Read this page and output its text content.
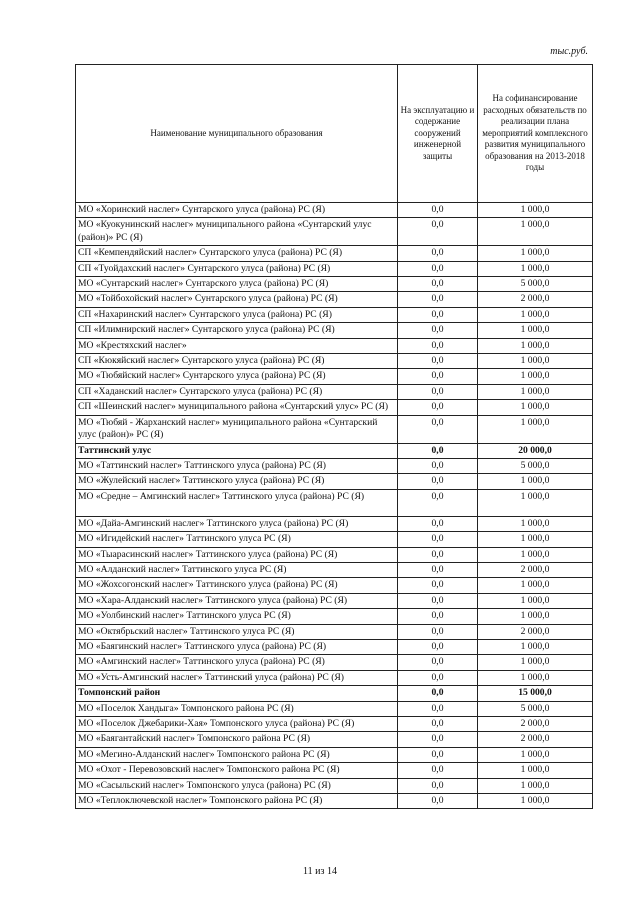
тыс.руб.
Наименование муниципального образования	На эксплуатацию и содержание сооружений инженерной защиты	На софинансирование расходных обязательств по реализации плана мероприятий комплексного развития муниципального образования на 2013-2018 годы
МО «Хоринский наслег» Сунтарского улуса (района) РС (Я)	0,0	1 000,0
МО «Куокунинский наслег» муниципального района «Сунтарский улус (район)» РС (Я)	0,0	1 000,0
СП «Кемпендяйский наслег» Сунтарского улуса (района) РС (Я)	0,0	1 000,0
СП «Туойдахский наслег» Сунтарского улуса (района) РС (Я)	0,0	1 000,0
МО «Сунтарский наслег» Сунтарского улуса (района) РС (Я)	0,0	5 000,0
МО «Тойбохойский наслег» Сунтарского улуса (района) РС (Я)	0,0	2 000,0
СП «Нахаринский наслег» Сунтарского улуса (района) РС (Я)	0,0	1 000,0
СП «Илимнирский наслег» Сунтарского улуса (района) РС (Я)	0,0	1 000,0
МО «Крестяхский наслег»	0,0	1 000,0
СП «Кюкяйский наслег» Сунтарского улуса (района) РС (Я)	0,0	1 000,0
МО «Тюбяйский наслег» Сунтарского улуса (района) РС (Я)	0,0	1 000,0
СП «Хаданский наслег» Сунтарского улуса (района) РС (Я)	0,0	1 000,0
СП «Шеинский наслег» муниципального района «Сунтарский улус» РС (Я)	0,0	1 000,0
МО «Тюбяй - Жарханский наслег» муниципального района «Сунтарский улус (район)» РС (Я)	0,0	1 000,0
Таттинский улус	0,0	20 000,0
МО «Таттинский наслег» Таттинского улуса (района) РС (Я)	0,0	5 000,0
МО «Жулейский наслег» Таттинского улуса (района) РС (Я)	0,0	1 000,0
МО «Средне – Амгинский наслег» Таттинского улуса (района) РС (Я)	0,0	1 000,0
МО «Дайа-Амгинский наслег» Таттинского улуса (района) РС (Я)	0,0	1 000,0
МО «Игидейский наслег» Таттинского улуса РС (Я)	0,0	1 000,0
МО «Тыарасинский наслег» Таттинского улуса (района) РС (Я)	0,0	1 000,0
МО «Алданский наслег» Таттинского улуса РС (Я)	0,0	2 000,0
МО «Жохсогонский наслег» Таттинского улуса (района) РС (Я)	0,0	1 000,0
МО «Хара-Алданский наслег» Таттинского улуса (района) РС (Я)	0,0	1 000,0
МО «Уолбинский наслег» Таттинского улуса РС (Я)	0,0	1 000,0
МО «Октябрьский наслег» Таттинского улуса РС (Я)	0,0	2 000,0
МО «Баягинский наслег» Таттинского улуса (района) РС (Я)	0,0	1 000,0
МО «Амгинский наслег» Таттинского улуса (района) РС (Я)	0,0	1 000,0
МО «Усть-Амгинский наслег» Таттинский улуса (района) РС (Я)	0,0	1 000,0
Томпонский район	0,0	15 000,0
МО «Поселок Хандыга» Томпонского района РС (Я)	0,0	5 000,0
МО «Поселок Джебарики-Хая» Томпонского улуса (района) РС (Я)	0,0	2 000,0
МО «Баягантайский наслег» Томпонского района РС (Я)	0,0	2 000,0
МО «Мегино-Алданский наслег» Томпонского района РС (Я)	0,0	1 000,0
МО «Охот - Перевозовский наслег» Томпонского района РС (Я)	0,0	1 000,0
МО «Сасыльский наслег» Томпонского улуса (района) РС (Я)	0,0	1 000,0
МО «Теплоключевской наслег» Томпонского района РС (Я)	0,0	1 000,0
11 из 14
